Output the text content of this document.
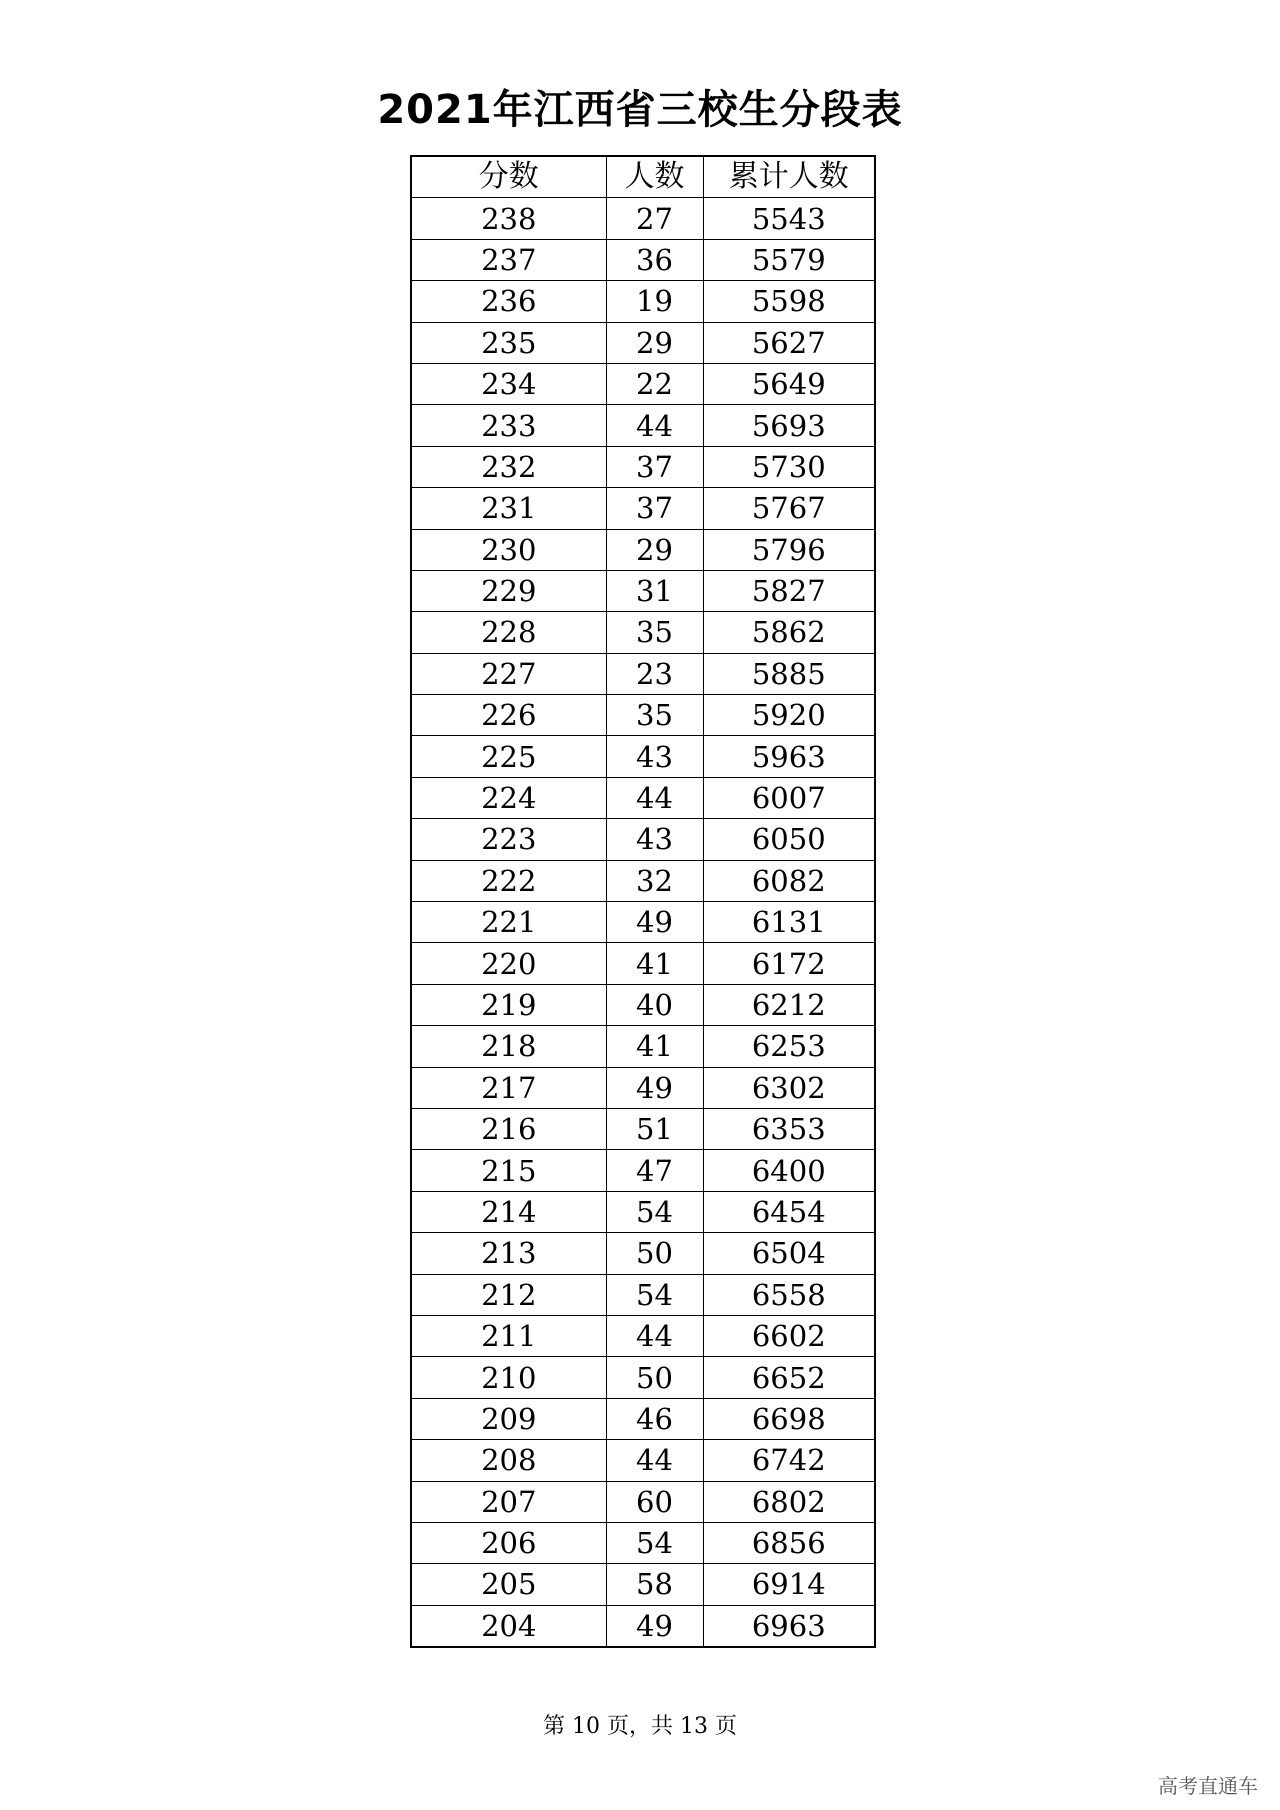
2021年江西省三校生分段表
分数	人数	累计人数
238	27	5543
237	36	5579
236	19	5598
235	29	5627
234	22	5649
233	44	5693
232	37	5730
231	37	5767
230	29	5796
229	31	5827
228	35	5862
227	23	5885
226	35	5920
225	43	5963
224	44	6007
223	43	6050
222	32	6082
221	49	6131
220	41	6172
219	40	6212
218	41	6253
217	49	6302
216	51	6353
215	47	6400
214	54	6454
213	50	6504
212	54	6558
211	44	6602
210	50	6652
209	46	6698
208	44	6742
207	60	6802
206	54	6856
205	58	6914
204	49	6963
第 10 页，共 13 页
高考直通车
